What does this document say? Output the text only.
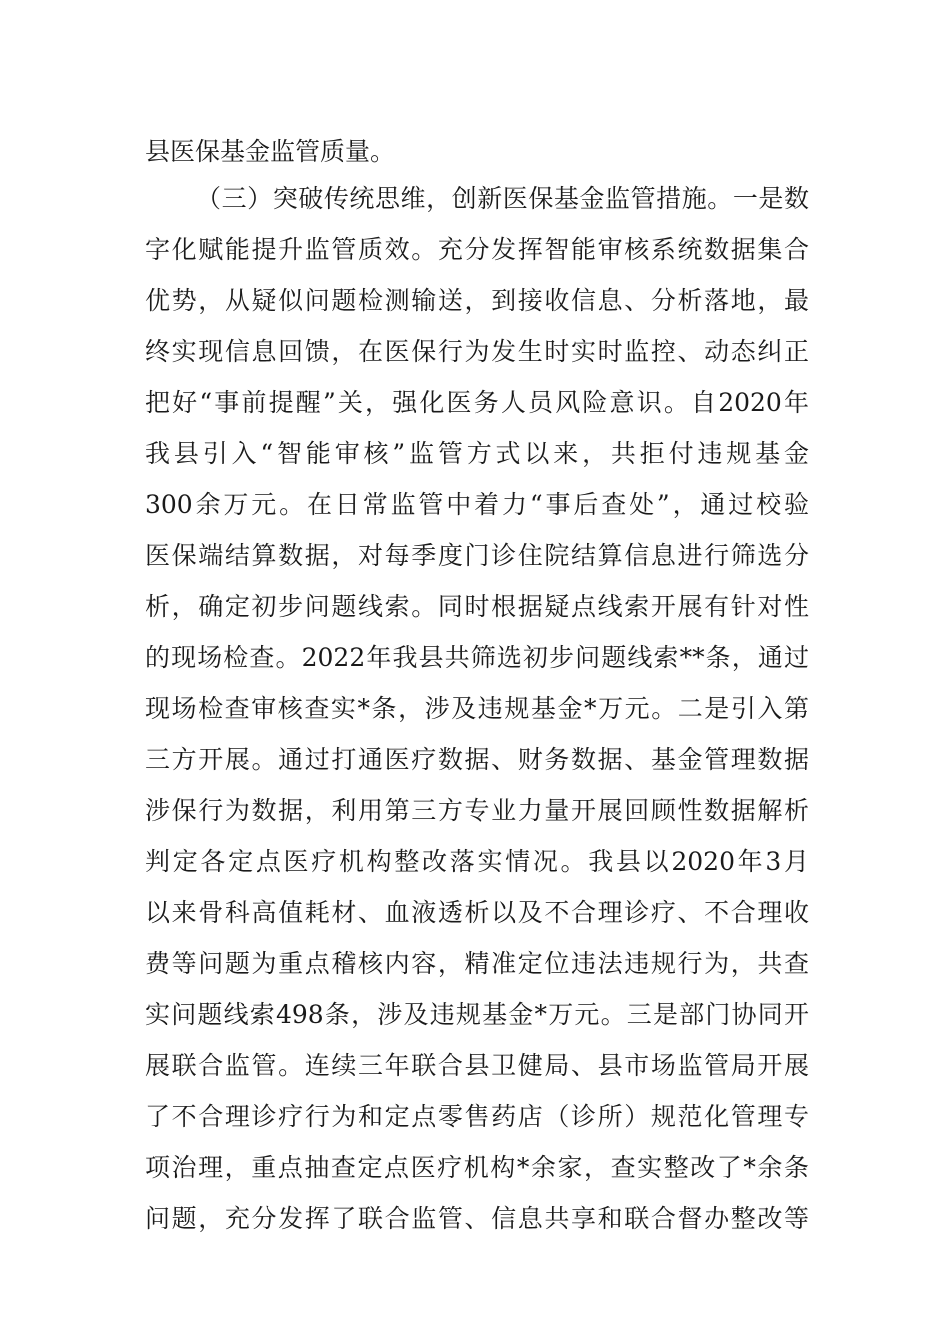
县医保基金监管质量。
（三）突破传统思维，创新医保基金监管措施。一是数
字化赋能提升监管质效。充分发挥智能审核系统数据集合
优势，从疑似问题检测输送，到接收信息、分析落地，最
终实现信息回馈，在医保行为发生时实时监控、动态纠正
把好“事前提醒”关，强化医务人员风险意识。自2020年
我县引入“智能审核”监管方式以来，共拒付违规基金
300余万元。在日常监管中着力“事后查处”，通过校验
医保端结算数据，对每季度门诊住院结算信息进行筛选分
析，确定初步问题线索。同时根据疑点线索开展有针对性
的现场检查。2022年我县共筛选初步问题线索**条，通过
现场检查审核查实*条，涉及违规基金*万元。二是引入第
三方开展。通过打通医疗数据、财务数据、基金管理数据
涉保行为数据，利用第三方专业力量开展回顾性数据解析
判定各定点医疗机构整改落实情况。我县以2020年3月
以来骨科高值耗材、血液透析以及不合理诊疗、不合理收
费等问题为重点稽核内容，精准定位违法违规行为，共查
实问题线索498条，涉及违规基金*万元。三是部门协同开
展联合监管。连续三年联合县卫健局、县市场监管局开展
了不合理诊疗行为和定点零售药店（诊所）规范化管理专
项治理，重点抽查定点医疗机构*余家，查实整改了*余条
问题，充分发挥了联合监管、信息共享和联合督办整改等
